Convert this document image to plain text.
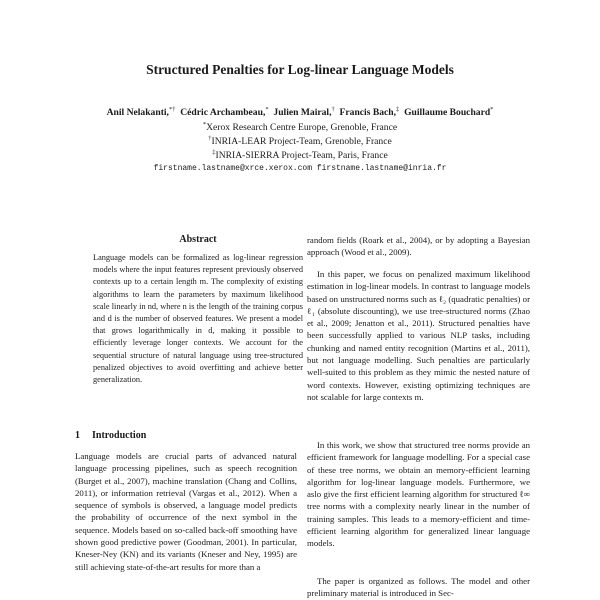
Structured Penalties for Log-linear Language Models
Anil Nelakanti,*† Cédric Archambeau,* Julien Mairal,† Francis Bach,‡ Guillaume Bouchard*
*Xerox Research Centre Europe, Grenoble, France
†INRIA-LEAR Project-Team, Grenoble, France
‡INRIA-SIERRA Project-Team, Paris, France
firstname.lastname@xrce.xerox.com firstname.lastname@inria.fr
Abstract

Language models can be formalized as log-linear regression models where the input features represent previously observed contexts up to a certain length m. The complexity of existing algorithms to learn the parameters by maximum likelihood scale linearly in nd, where n is the length of the training corpus and d is the number of observed features. We present a model that grows logarithmically in d, making it possible to efficiently leverage longer contexts. We account for the sequential structure of natural language using tree-structured penalized objectives to avoid overfitting and achieve better generalization.

1 Introduction

Language models are crucial parts of advanced natural language processing pipelines, such as speech recognition (Burget et al., 2007), machine translation (Chang and Collins, 2011), or information retrieval (Vargas et al., 2012). When a sequence of symbols is observed, a language model predicts the probability of occurrence of the next symbol in the sequence. Models based on so-called back-off smoothing have shown good predictive power (Goodman, 2001). In particular, Kneser-Ney (KN) and its variants (Kneser and Ney, 1995) are still achieving state-of-the-art results for more than a

random fields (Roark et al., 2004), or by adopting a Bayesian approach (Wood et al., 2009).

In this paper, we focus on penalized maximum likelihood estimation in log-linear models. In contrast to language models based on unstructured norms such as ℓ₂ (quadratic penalties) or ℓ₁ (absolute discounting), we use tree-structured norms (Zhao et al., 2009; Jenatton et al., 2011). Structured penalties have been successfully applied to various NLP tasks, including chunking and named entity recognition (Martins et al., 2011), but not language modelling. Such penalties are particularly well-suited to this problem as they mimic the nested nature of word contexts. However, existing optimizing techniques are not scalable for large contexts m.

In this work, we show that structured tree norms provide an efficient framework for language modelling. For a special case of these tree norms, we obtain an memory-efficient learning algorithm for log-linear language models. Furthermore, we aslo give the first efficient learning algorithm for structured ℓ∞ tree norms with a complexity nearly linear in the number of training samples. This leads to a memory-efficient and time-efficient learning algorithm for generalized linear language models.

The paper is organized as follows. The model and other preliminary material is introduced in Sec-
